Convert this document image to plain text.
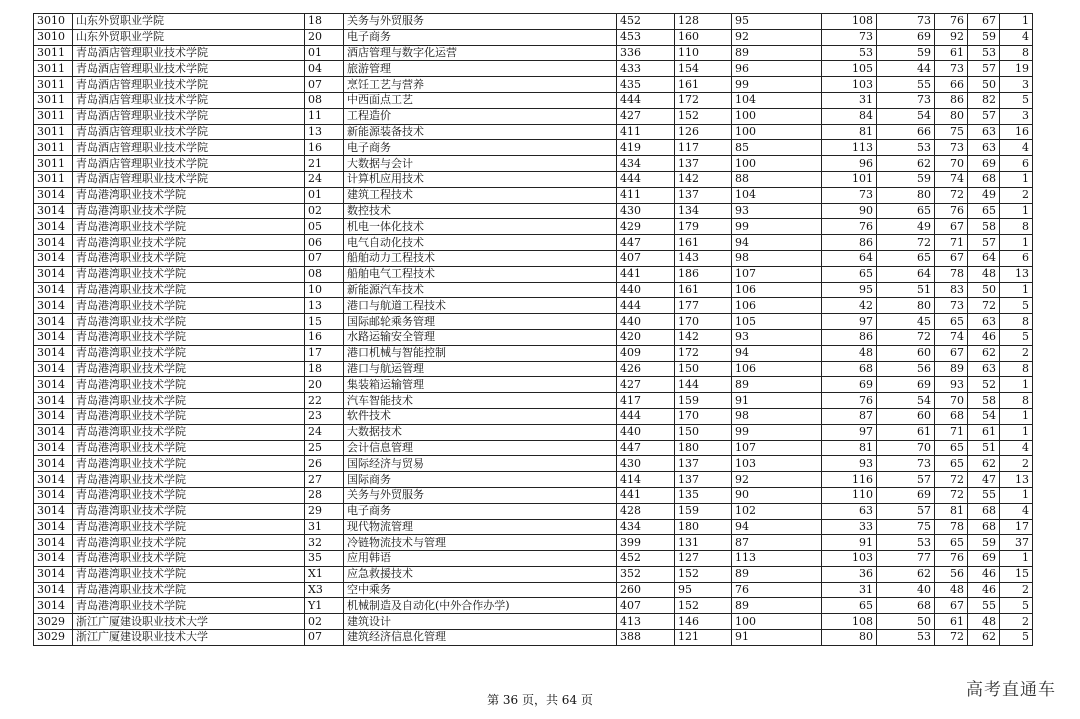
3010	山东外贸职业学院	18	关务与外贸服务	452	128	95	108	73	76	67	1
3010	山东外贸职业学院	20	电子商务	453	160	92	73	69	92	59	4
3011	青岛酒店管理职业技术学院	01	酒店管理与数字化运营	336	110	89	53	59	61	53	8
3011	青岛酒店管理职业技术学院	04	旅游管理	433	154	96	105	44	73	57	19
3011	青岛酒店管理职业技术学院	07	烹饪工艺与营养	435	161	99	103	55	66	50	3
3011	青岛酒店管理职业技术学院	08	中西面点工艺	444	172	104	31	73	86	82	5
3011	青岛酒店管理职业技术学院	11	工程造价	427	152	100	84	54	80	57	3
3011	青岛酒店管理职业技术学院	13	新能源装备技术	411	126	100	81	66	75	63	16
3011	青岛酒店管理职业技术学院	16	电子商务	419	117	85	113	53	73	63	4
3011	青岛酒店管理职业技术学院	21	大数据与会计	434	137	100	96	62	70	69	6
3011	青岛酒店管理职业技术学院	24	计算机应用技术	444	142	88	101	59	74	68	1
3014	青岛港湾职业技术学院	01	建筑工程技术	411	137	104	73	80	72	49	2
3014	青岛港湾职业技术学院	02	数控技术	430	134	93	90	65	76	65	1
3014	青岛港湾职业技术学院	05	机电一体化技术	429	179	99	76	49	67	58	8
3014	青岛港湾职业技术学院	06	电气自动化技术	447	161	94	86	72	71	57	1
3014	青岛港湾职业技术学院	07	船舶动力工程技术	407	143	98	64	65	67	64	6
3014	青岛港湾职业技术学院	08	船舶电气工程技术	441	186	107	65	64	78	48	13
3014	青岛港湾职业技术学院	10	新能源汽车技术	440	161	106	95	51	83	50	1
3014	青岛港湾职业技术学院	13	港口与航道工程技术	444	177	106	42	80	73	72	5
3014	青岛港湾职业技术学院	15	国际邮轮乘务管理	440	170	105	97	45	65	63	8
3014	青岛港湾职业技术学院	16	水路运输安全管理	420	142	93	86	72	74	46	5
3014	青岛港湾职业技术学院	17	港口机械与智能控制	409	172	94	48	60	67	62	2
3014	青岛港湾职业技术学院	18	港口与航运管理	426	150	106	68	56	89	63	8
3014	青岛港湾职业技术学院	20	集装箱运输管理	427	144	89	69	69	93	52	1
3014	青岛港湾职业技术学院	22	汽车智能技术	417	159	91	76	54	70	58	8
3014	青岛港湾职业技术学院	23	软件技术	444	170	98	87	60	68	54	1
3014	青岛港湾职业技术学院	24	大数据技术	440	150	99	97	61	71	61	1
3014	青岛港湾职业技术学院	25	会计信息管理	447	180	107	81	70	65	51	4
3014	青岛港湾职业技术学院	26	国际经济与贸易	430	137	103	93	73	65	62	2
3014	青岛港湾职业技术学院	27	国际商务	414	137	92	116	57	72	47	13
3014	青岛港湾职业技术学院	28	关务与外贸服务	441	135	90	110	69	72	55	1
3014	青岛港湾职业技术学院	29	电子商务	428	159	102	63	57	81	68	4
3014	青岛港湾职业技术学院	31	现代物流管理	434	180	94	33	75	78	68	17
3014	青岛港湾职业技术学院	32	冷链物流技术与管理	399	131	87	91	53	65	59	37
3014	青岛港湾职业技术学院	35	应用韩语	452	127	113	103	77	76	69	1
3014	青岛港湾职业技术学院	X1	应急救援技术	352	152	89	36	62	56	46	15
3014	青岛港湾职业技术学院	X3	空中乘务	260	95	76	31	40	48	46	2
3014	青岛港湾职业技术学院	Y1	机械制造及自动化(中外合作办学)	407	152	89	65	68	67	55	5
3029	浙江广厦建设职业技术大学	02	建筑设计	413	146	100	108	50	61	48	2
3029	浙江广厦建设职业技术大学	07	建筑经济信息化管理	388	121	91	80	53	72	62	5
第 36 页，共 64 页	高考直通车
